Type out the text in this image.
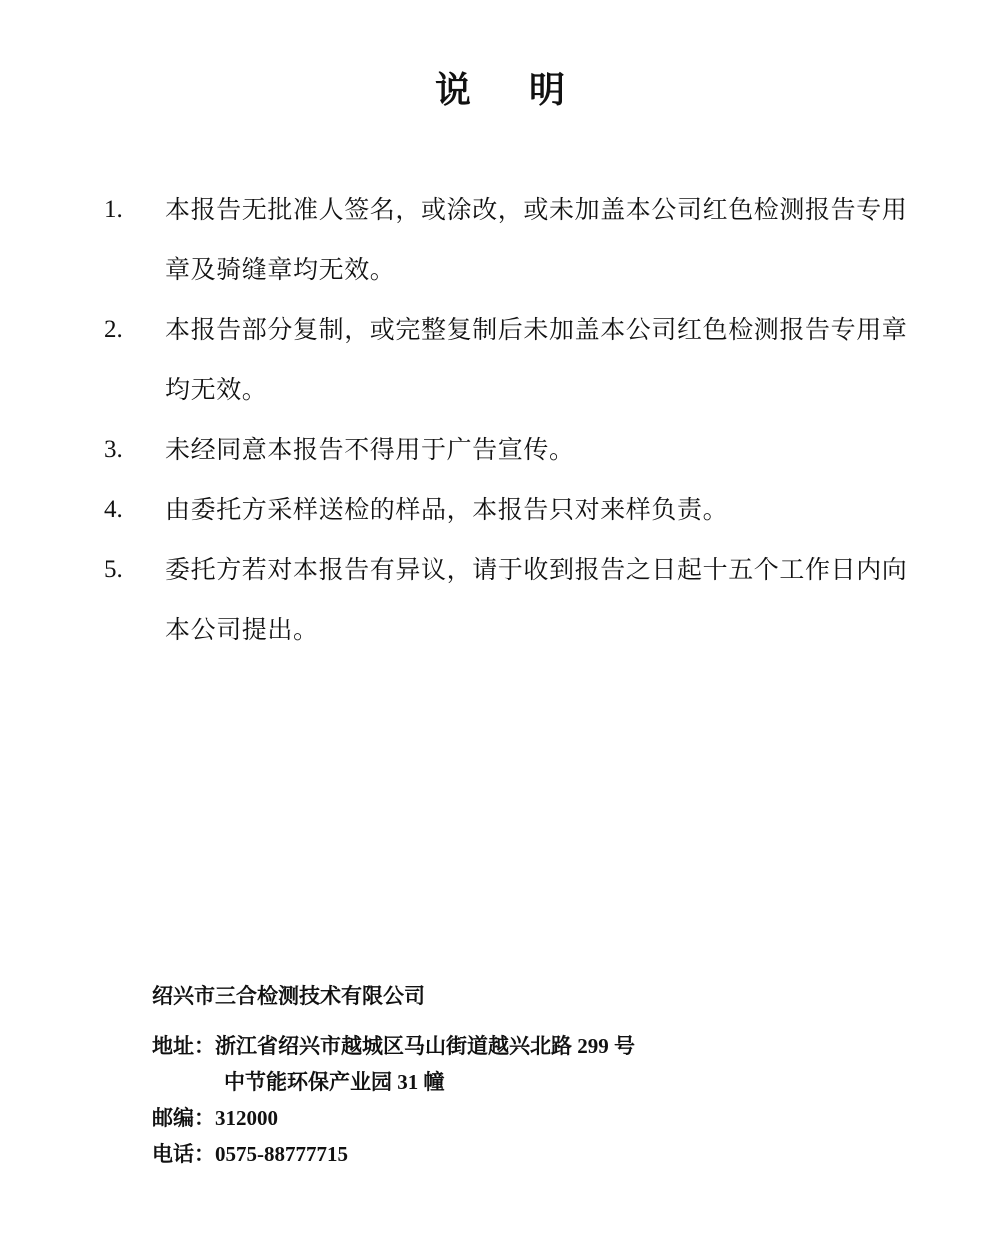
说 明
1. 本报告无批准人签名，或涂改，或未加盖本公司红色检测报告专用章及骑缝章均无效。
2. 本报告部分复制，或完整复制后未加盖本公司红色检测报告专用章均无效。
3. 未经同意本报告不得用于广告宣传。
4. 由委托方采样送检的样品，本报告只对来样负责。
5. 委托方若对本报告有异议，请于收到报告之日起十五个工作日内向本公司提出。
绍兴市三合检测技术有限公司
地址： 浙江省绍兴市越城区马山街道越兴北路 299 号
中节能环保产业园 31 幢
邮编： 312000
电话： 0575-88777715
